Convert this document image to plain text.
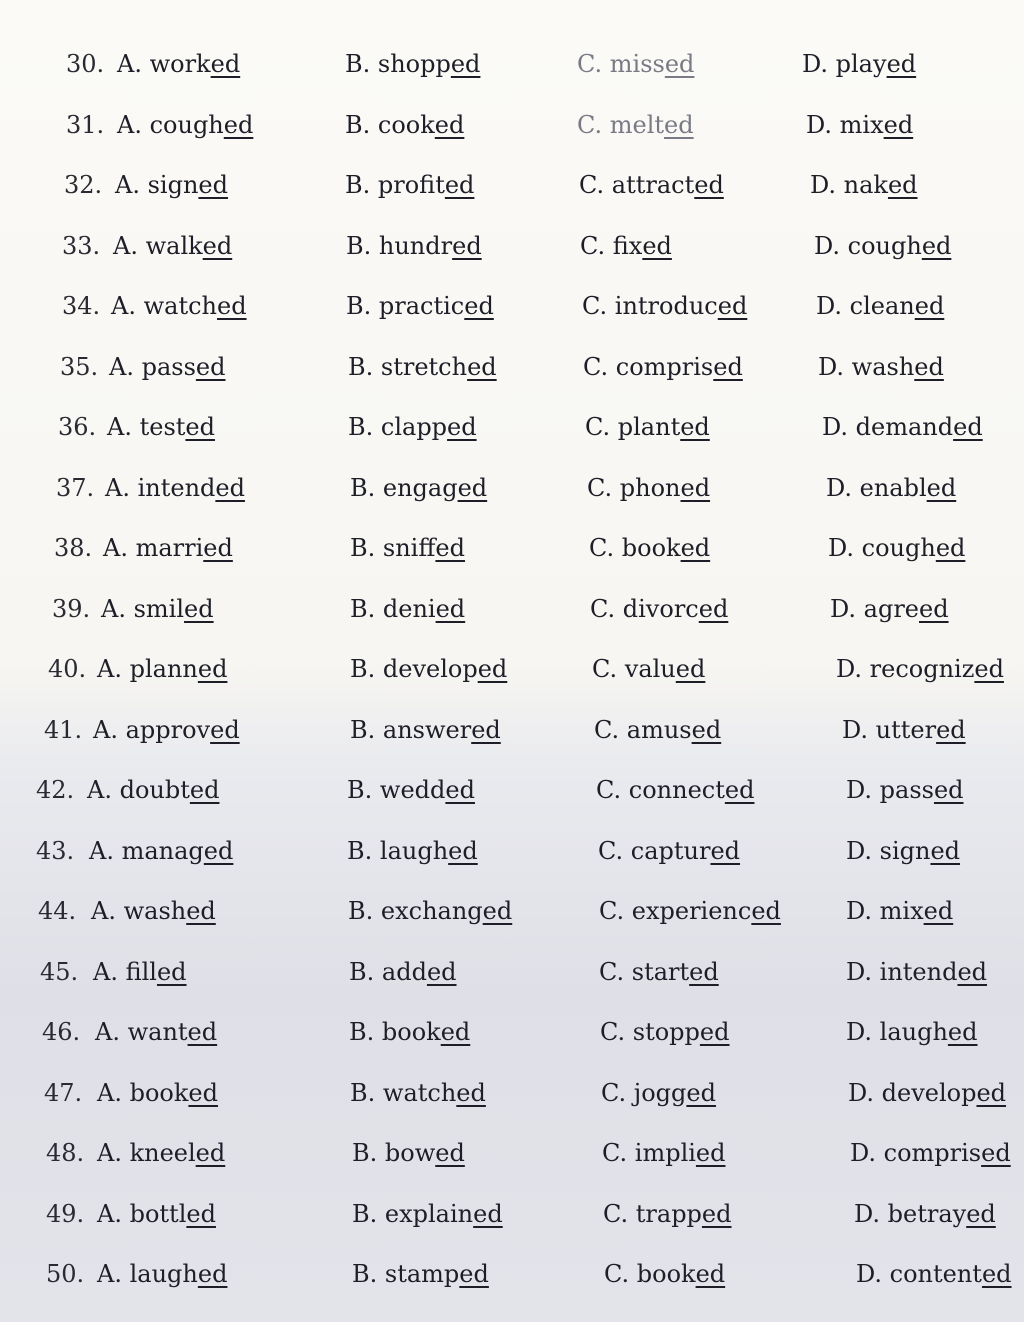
30. A. worked	B. shopped	C. missed	D. played
31. A. coughed	B. cooked	C. melted	D. mixed
32. A. signed	B. profited	C. attracted	D. naked
33. A. walked	B. hundred	C. fixed	D. coughed
34. A. watched	B. practiced	C. introduced	D. cleaned
35. A. passed	B. stretched	C. comprised	D. washed
36. A. tested	B. clapped	C. planted	D. demanded
37. A. intended	B. engaged	C. phoned	D. enabled
38. A. married	B. sniffed	C. booked	D. coughed
39. A. smiled	B. denied	C. divorced	D. agreed
40. A. planned	B. developed	C. valued	D. recognized
41. A. approved	B. answered	C. amused	D. uttered
42. A. doubted	B. wedded	C. connected	D. passed
43. A. managed	B. laughed	C. captured	D. signed
44. A. washed	B. exchanged	C. experienced	D. mixed
45. A. filled	B. added	C. started	D. intended
46. A. wanted	B. booked	C. stopped	D. laughed
47. A. booked	B. watched	C. jogged	D. developed
48. A. kneeled	B. bowed	C. implied	D. comprised
49. A. bottled	B. explained	C. trapped	D. betrayed
50. A. laughed	B. stamped	C. booked	D. contented
